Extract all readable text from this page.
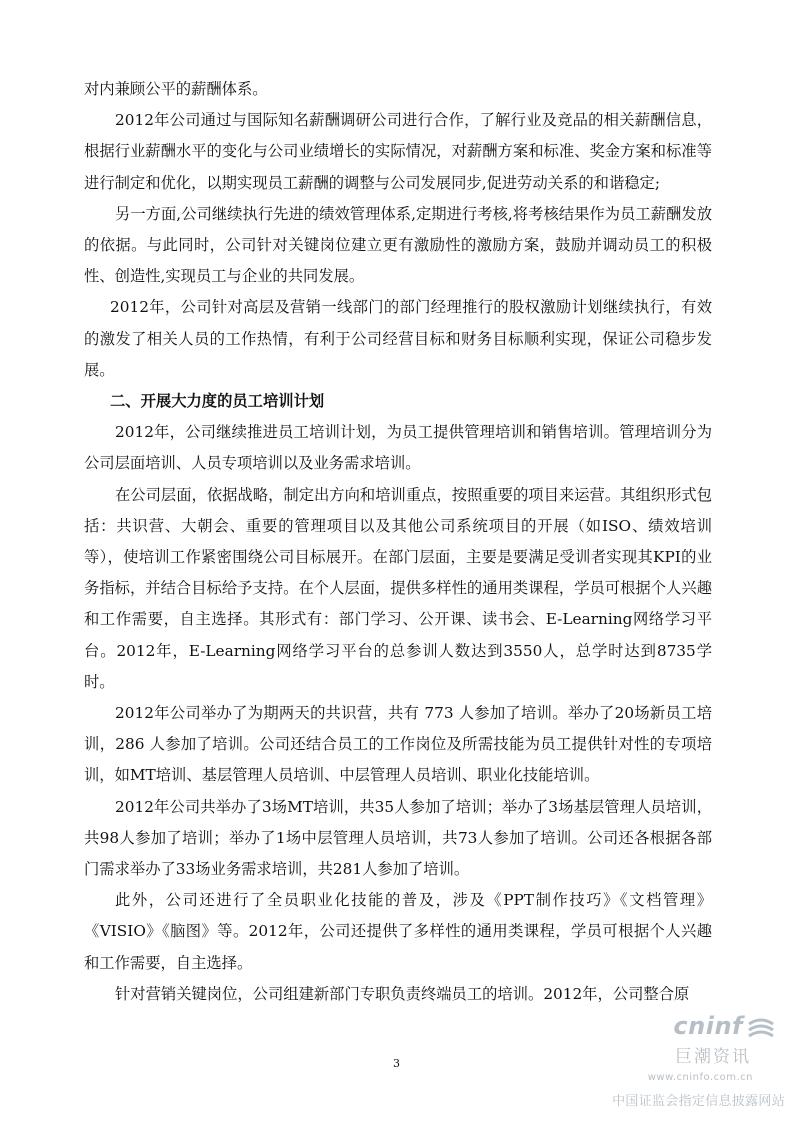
对内兼顾公平的薪酬体系。

2012年公司通过与国际知名薪酬调研公司进行合作，了解行业及竞品的相关薪酬信息，根据行业薪酬水平的变化与公司业绩增长的实际情况，对薪酬方案和标准、奖金方案和标准等进行制定和优化，以期实现员工薪酬的调整与公司发展同步,促进劳动关系的和谐稳定;

另一方面,公司继续执行先进的绩效管理体系,定期进行考核,将考核结果作为员工薪酬发放的依据。与此同时，公司针对关键岗位建立更有激励性的激励方案，鼓励并调动员工的积极性、创造性,实现员工与企业的共同发展。

2012年，公司针对高层及营销一线部门的部门经理推行的股权激励计划继续执行，有效的激发了相关人员的工作热情，有利于公司经营目标和财务目标顺利实现，保证公司稳步发展。

二、开展大力度的员工培训计划

2012年，公司继续推进员工培训计划，为员工提供管理培训和销售培训。管理培训分为公司层面培训、人员专项培训以及业务需求培训。

在公司层面，依据战略，制定出方向和培训重点，按照重要的项目来运营。其组织形式包括：共识营、大朝会、重要的管理项目以及其他公司系统项目的开展（如ISO、绩效培训等），使培训工作紧密围绕公司目标展开。在部门层面，主要是要满足受训者实现其KPI的业务指标，并结合目标给予支持。在个人层面，提供多样性的通用类课程，学员可根据个人兴趣和工作需要，自主选择。其形式有：部门学习、公开课、读书会、E-Learning网络学习平台。2012年，E-Learning网络学习平台的总参训人数达到3550人，总学时达到8735学时。

2012年公司举办了为期两天的共识营，共有 773 人参加了培训。举办了20场新员工培训，286 人参加了培训。公司还结合员工的工作岗位及所需技能为员工提供针对性的专项培训，如MT培训、基层管理人员培训、中层管理人员培训、职业化技能培训。

2012年公司共举办了3场MT培训，共35人参加了培训；举办了3场基层管理人员培训，共98人参加了培训；举办了1场中层管理人员培训，共73人参加了培训。公司还各根据各部门需求举办了33场业务需求培训，共281人参加了培训。

此外，公司还进行了全员职业化技能的普及，涉及《PPT制作技巧》《文档管理》《VISIO》《脑图》等。2012年，公司还提供了多样性的通用类课程，学员可根据个人兴趣和工作需要，自主选择。

针对营销关键岗位，公司组建新部门专职负责终端员工的培训。2012年，公司整合原

3
cninf
巨潮资讯
www.cninfo.com.cn
中国证监会指定信息披露网站
